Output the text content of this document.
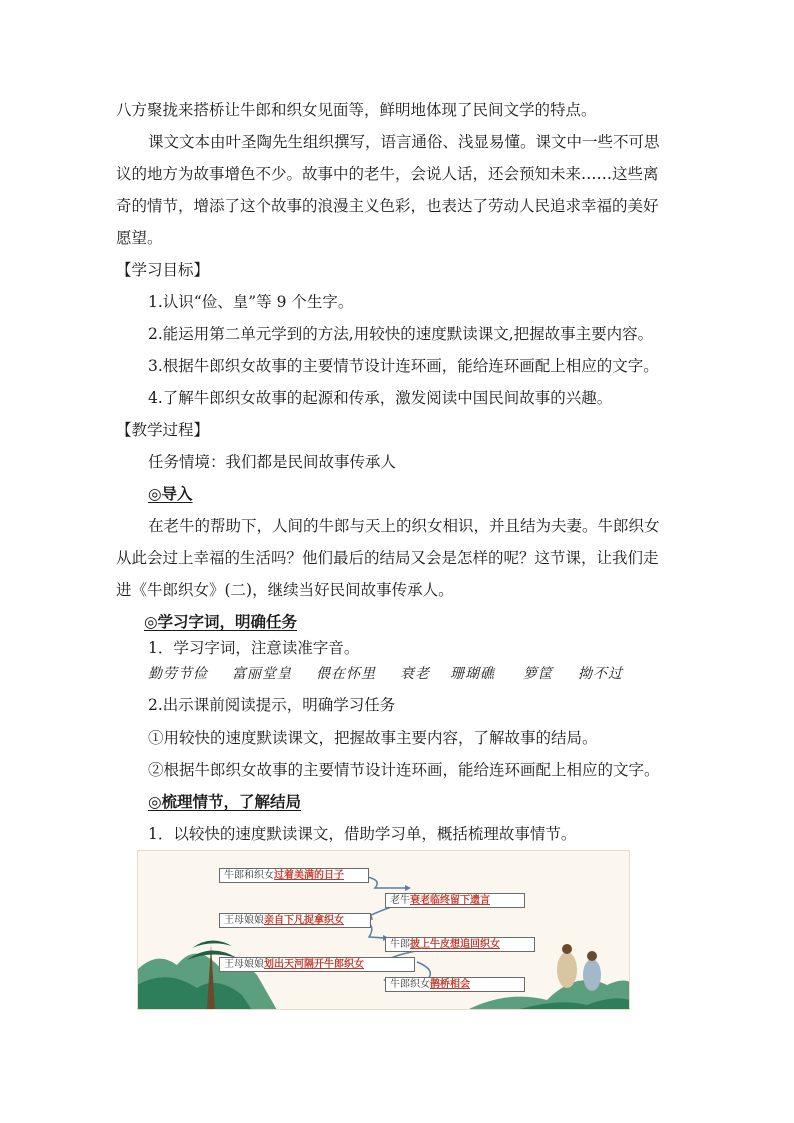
八方聚拢来搭桥让牛郎和织女见面等，鲜明地体现了民间文学的特点。
课文文本由叶圣陶先生组织撰写，语言通俗、浅显易懂。课文中一些不可思
议的地方为故事增色不少。故事中的老牛，会说人话，还会预知未来……这些离
奇的情节，增添了这个故事的浪漫主义色彩，也表达了劳动人民追求幸福的美好
愿望。
【学习目标】
1.认识“俭、皇”等 9 个生字。
2.能运用第二单元学到的方法,用较快的速度默读课文,把握故事主要内容。
3.根据牛郎织女故事的主要情节设计连环画，能给连环画配上相应的文字。
4.了解牛郎织女故事的起源和传承，激发阅读中国民间故事的兴趣。
【教学过程】
任务情境：我们都是民间故事传承人
◎导入
在老牛的帮助下，人间的牛郎与天上的织女相识，并且结为夫妻。牛郎织女
从此会过上幸福的生活吗？他们最后的结局又会是怎样的呢？这节课，让我们走
进《牛郎织女》(二)，继续当好民间故事传承人。
◎学习字词，明确任务
1．学习字词，注意读准字音。
勤劳节俭 富丽堂皇 偎在怀里 衰老 珊瑚礁 箩筐 拗不过
2.出示课前阅读提示，明确学习任务
①用较快的速度默读课文，把握故事主要内容，了解故事的结局。
②根据牛郎织女故事的主要情节设计连环画，能给连环画配上相应的文字。
◎梳理情节，了解结局
1．以较快的速度默读课文，借助学习单，概括梳理故事情节。
牛郎和织女过着美满的日子
老牛衰老临终留下遗言
王母娘娘亲自下凡捉拿织女
牛郎披上牛皮想追回织女
王母娘娘划出天河隔开牛郎织女
牛郎织女鹊桥相会
